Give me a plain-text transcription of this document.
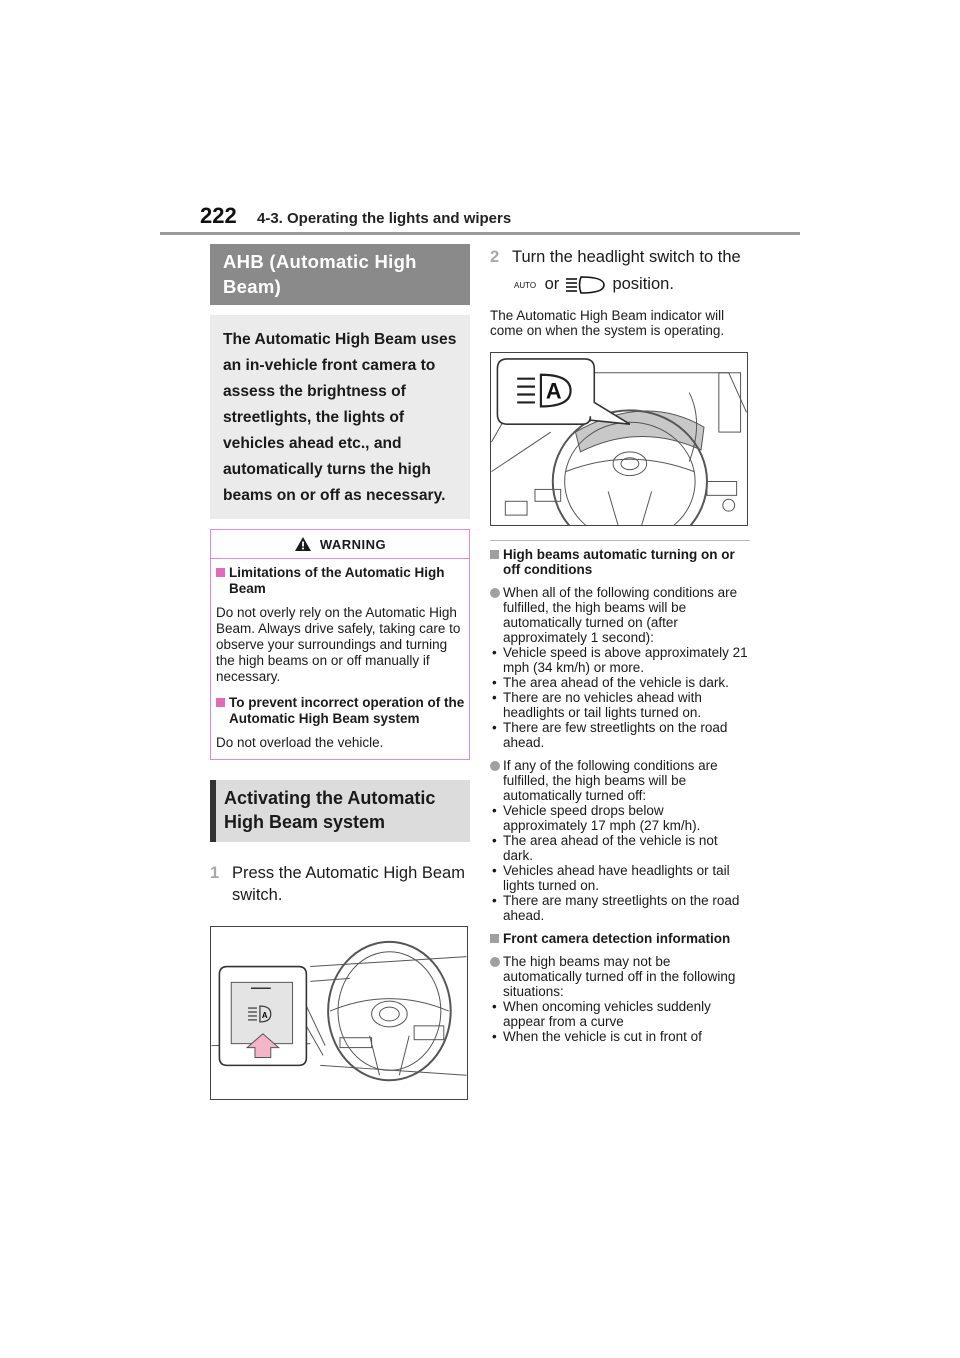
222 4-3. Operating the lights and wipers
AHB (Automatic High Beam)
The Automatic High Beam uses an in-vehicle front camera to assess the brightness of streetlights, the lights of vehicles ahead etc., and automatically turns the high beams on or off as necessary.
WARNING
Limitations of the Automatic High Beam
Do not overly rely on the Automatic High Beam. Always drive safely, taking care to observe your surroundings and turning the high beams on or off manually if necessary.
To prevent incorrect operation of the Automatic High Beam system
Do not overload the vehicle.
Activating the Automatic High Beam system
1 Press the Automatic High Beam switch.
A
2 Turn the headlight switch to the
AUTO or	position.
The Automatic High Beam indicator will come on when the system is operating.
A
High beams automatic turning on or off conditions
When all of the following conditions are fulfilled, the high beams will be automatically turned on (after approximately 1 second):
• Vehicle speed is above approximately 21 mph (34 km/h) or more.
• The area ahead of the vehicle is dark.
• There are no vehicles ahead with headlights or tail lights turned on.
• There are few streetlights on the road ahead.
If any of the following conditions are fulfilled, the high beams will be automatically turned off:
• Vehicle speed drops below approximately 17 mph (27 km/h).
• The area ahead of the vehicle is not dark.
• Vehicles ahead have headlights or tail lights turned on.
• There are many streetlights on the road ahead.
Front camera detection information
The high beams may not be automatically turned off in the following situations:
• When oncoming vehicles suddenly appear from a curve
• When the vehicle is cut in front of
